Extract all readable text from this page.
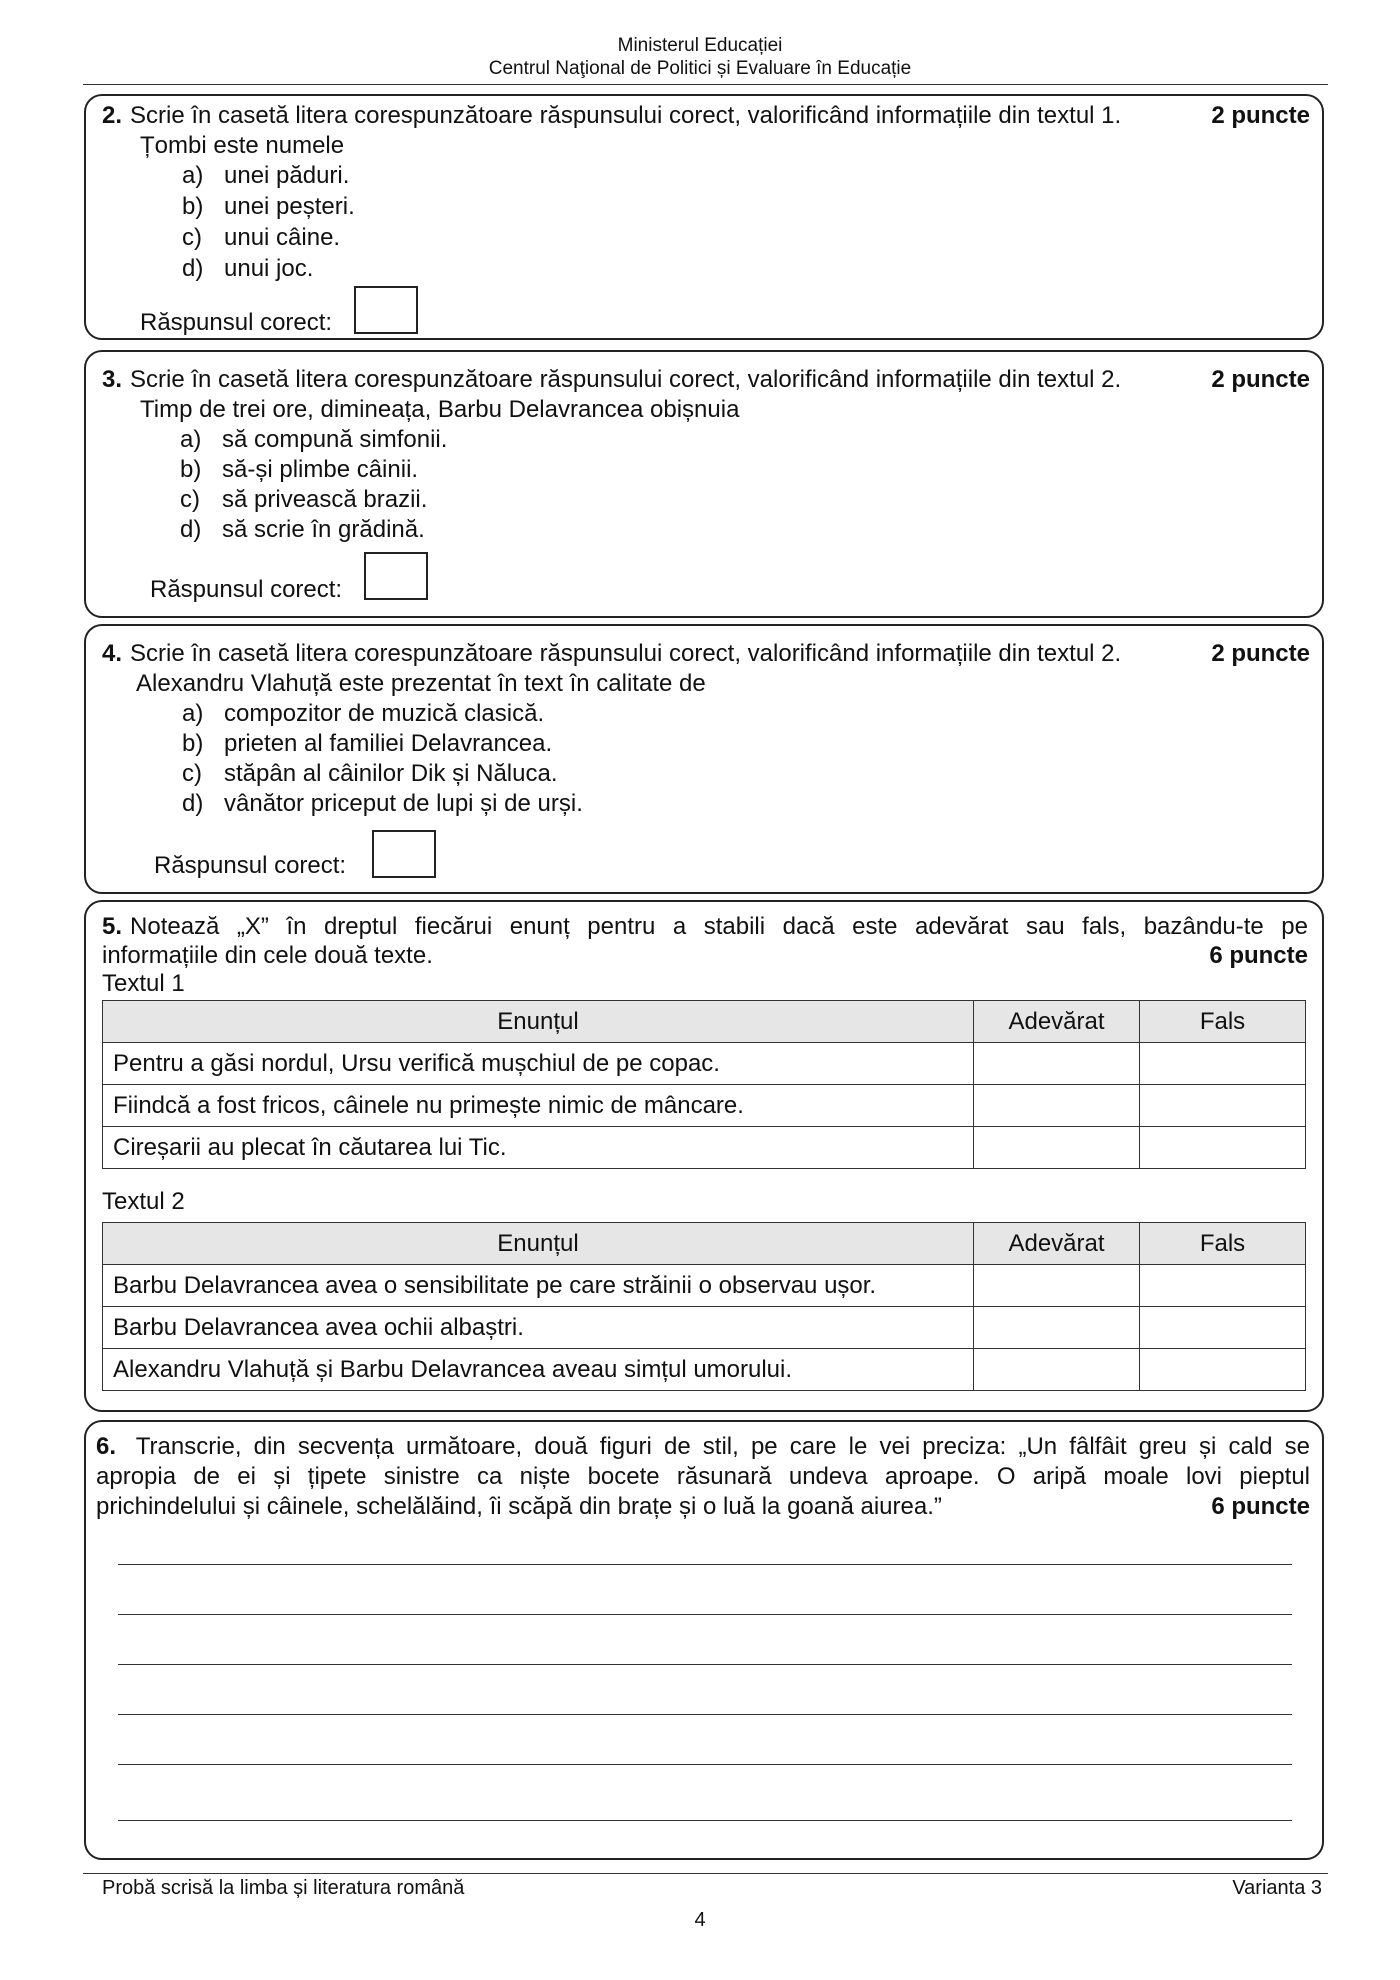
Ministerul Educației
Centrul Naţional de Politici și Evaluare în Educație
2. Scrie în casetă litera corespunzătoare răspunsului corect, valorificând informațiile din textul 1.	2 puncte
Țombi este numele
a) unei păduri.
b) unei peșteri.
c) unui câine.
d) unui joc.
Răspunsul corect:
3. Scrie în casetă litera corespunzătoare răspunsului corect, valorificând informațiile din textul 2.	2 puncte
Timp de trei ore, dimineața, Barbu Delavrancea obișnuia
a) să compună simfonii.
b) să-și plimbe câinii.
c) să privească brazii.
d) să scrie în grădină.
Răspunsul corect:
4. Scrie în casetă litera corespunzătoare răspunsului corect, valorificând informațiile din textul 2.	2 puncte
Alexandru Vlahuță este prezentat în text în calitate de
a) compozitor de muzică clasică.
b) prieten al familiei Delavrancea.
c) stăpân al câinilor Dik și Năluca.
d) vânător priceput de lupi și de urși.
Răspunsul corect:
5. Notează „X” în dreptul fiecărui enunț pentru a stabili dacă este adevărat sau fals, bazându-te pe
informațiile din cele două texte.	6 puncte
Textul 1
Enunțul	Adevărat	Fals
Pentru a găsi nordul, Ursu verifică mușchiul de pe copac.		
Fiindcă a fost fricos, câinele nu primește nimic de mâncare.		
Cireșarii au plecat în căutarea lui Tic.		
Textul 2
Enunțul	Adevărat	Fals
Barbu Delavrancea avea o sensibilitate pe care străinii o observau ușor.		
Barbu Delavrancea avea ochii albaștri.		
Alexandru Vlahuță și Barbu Delavrancea aveau simțul umorului.		
6. Transcrie, din secvența următoare, două figuri de stil, pe care le vei preciza: „Un fâlfâit greu și cald se
apropia de ei și țipete sinistre ca niște bocete răsunară undeva aproape. O aripă moale lovi pieptul
prichindelului și câinele, schelălăind, îi scăpă din brațe și o luă la goană aiurea.”	6 puncte
Probă scrisă la limba și literatura română	Varianta 3
4
